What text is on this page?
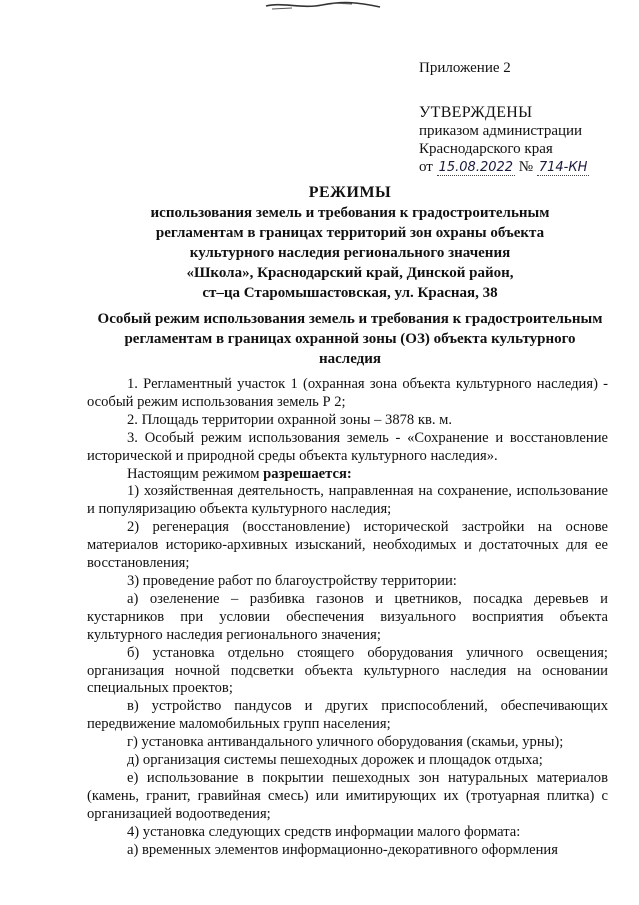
Приложение 2
УТВЕРЖДЕНЫ
приказом администрации
Краснодарского края
от 15.08.2022 № 714-КН
РЕЖИМЫ
использования земель и требования к градостроительным
регламентам в границах территорий зон охраны объекта
культурного наследия регионального значения
«Школа», Краснодарский край, Динской район,
ст–ца Старомышастовская, ул. Красная, 38
Особый режим использования земель и требования к градостроительным
регламентам в границах охранной зоны (ОЗ) объекта культурного
наследия

1. Регламентный участок 1 (охранная зона объекта культурного наследия) - особый режим использования земель Р 2;

2. Площадь территории охранной зоны – 3878 кв. м.

3. Особый режим использования земель - «Сохранение и восстановление исторической и природной среды объекта культурного наследия».

Настоящим режимом разрешается:

1) хозяйственная деятельность, направленная на сохранение, использование и популяризацию объекта культурного наследия;

2) регенерация (восстановление) исторической застройки на основе материалов историко-архивных изысканий, необходимых и достаточных для ее восстановления;

3) проведение работ по благоустройству территории:

а) озеленение – разбивка газонов и цветников, посадка деревьев и кустарников при условии обеспечения визуального восприятия объекта культурного наследия регионального значения;

б) установка отдельно стоящего оборудования уличного освещения; организация ночной подсветки объекта культурного наследия на основании специальных проектов;

в) устройство пандусов и других приспособлений, обеспечивающих передвижение маломобильных групп населения;

г) установка антивандального уличного оборудования (скамьи, урны);

д) организация системы пешеходных дорожек и площадок отдыха;

е) использование в покрытии пешеходных зон натуральных материалов (камень, гранит, гравийная смесь) или имитирующих их (тротуарная плитка) с организацией водоотведения;

4) установка следующих средств информации малого формата:

а) временных элементов информационно-декоративного оформления
